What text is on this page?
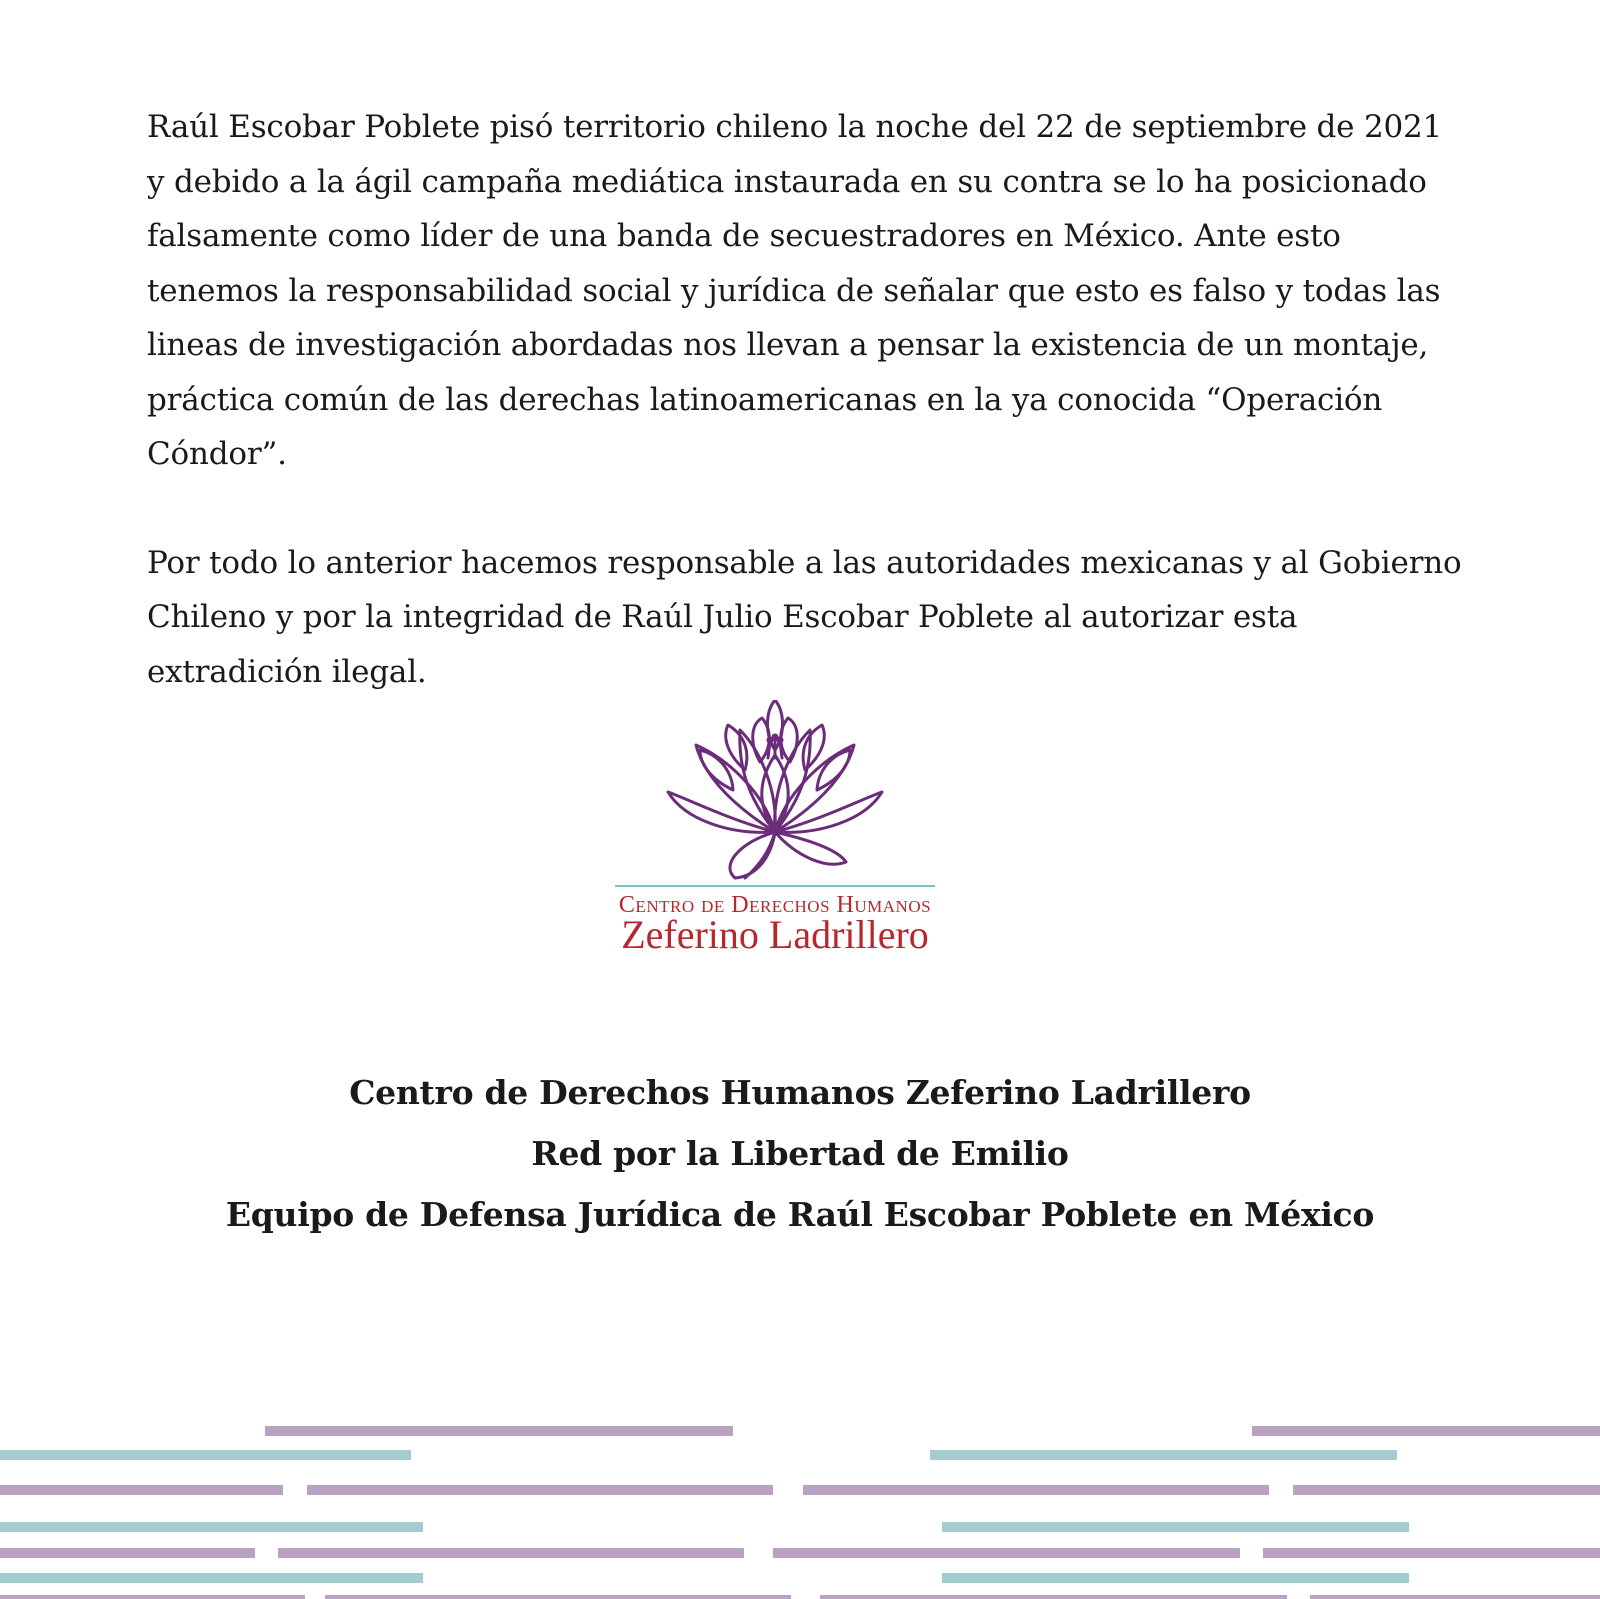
Raúl Escobar Poblete pisó territorio chileno la noche del 22 de septiembre de 2021 y debido a la ágil campaña mediática instaurada en su contra se lo ha posicionado falsamente como líder de una banda de secuestradores en México. Ante esto tenemos la responsabilidad social y jurídica de señalar que esto es falso y todas las lineas de investigación abordadas nos llevan a pensar la existencia de un montaje, práctica común de las derechas latinoamericanas en la ya conocida “Operación Cóndor”.

Por todo lo anterior hacemos responsable a las autoridades mexicanas y al Gobierno Chileno y por la integridad de Raúl Julio Escobar Poblete al autorizar esta extradición ilegal.

Centro de Derechos Humanos
Zeferino Ladrillero
Centro de Derechos Humanos Zeferino Ladrillero
Red por la Libertad de Emilio
Equipo de Defensa Jurídica de Raúl Escobar Poblete en México
